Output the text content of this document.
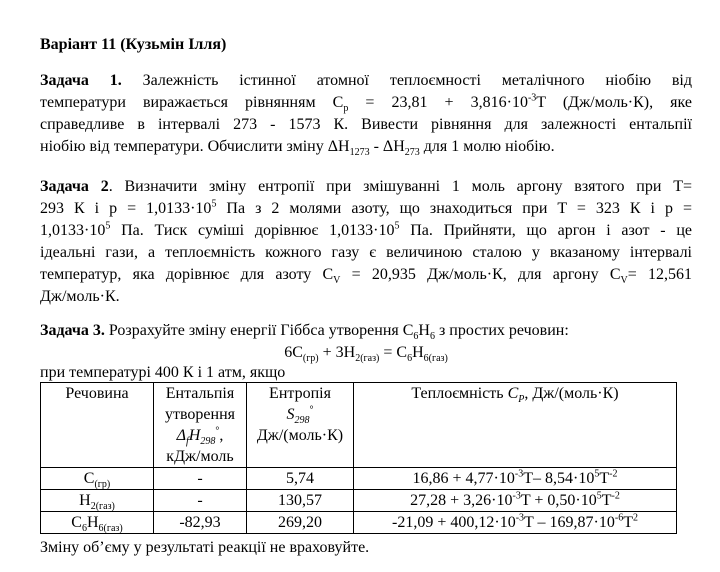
Варіант 11 (Кузьмін Ілля)
Задача 1. Залежність істинної атомної теплоємності металічного ніобію від
температури виражається рівнянням $C_p = 23,81 + 3,816\cdot 10^{-3}T$ (Дж/моль·К), яке
справедливе в інтервалі 273 - 1573 К. Вивести рівняння для залежності ентальпії
ніобію від температури. Обчислити зміну $\Delta H_{1273} - \Delta H_{273}$ для 1 молю ніобію.
Задача 2. Визначити зміну ентропії при змішуванні 1 моль аргону взятого при T=
293 К і $р = 1,0133\cdot 10^5$ Па з 2 молями азоту, що знаходиться при T = 323 К і р =
$1,0133\cdot 10^5$ Па. Тиск суміші дорівнює $1,0133\cdot 10^5$ Па. Прийняти, що аргон і азот - це
ідеальні гази, а теплоємність кожного газу є величиною сталою у вказаному інтервалі
температур, яка дорівнює для азоту $C_V = 20,935$ Дж/моль·К, для аргону $C_V= 12,561$
Дж/моль·К.
Задача 3. Розрахуйте зміну енергії Гіббса утворення $C_6H_6$ з простих речовин:
$6C_{(гр)} + 3H_{2(газ)} = C_6H_{6(газ)}$
при температурі 400 К і 1 атм, якщо
Речовина	Ентальпія
утворення
$\Delta_fH_{298}^\circ$,
кДж/моль	Ентропія
$S_{298}^\circ$
Дж/(моль·К)	Теплоємність $C_P$, Дж/(моль·К)
$C_{(гр)}$	-	5,74	$16,86 + 4,77\cdot 10^{-3}T-$ $8,54\cdot 10^5T^{-2}$
$H_{2(газ)}$	-	130,57	$27,28 + 3,26\cdot 10^{-3}T + 0,50\cdot 10^5T^{-2}$
$C_6H_{6(газ)}$	-82,93	269,20	$-21,09 + 400,12\cdot 10^{-3}T - 169,87\cdot 10^{-6}T^2$
Зміну об’єму у результаті реакції не враховуйте.
